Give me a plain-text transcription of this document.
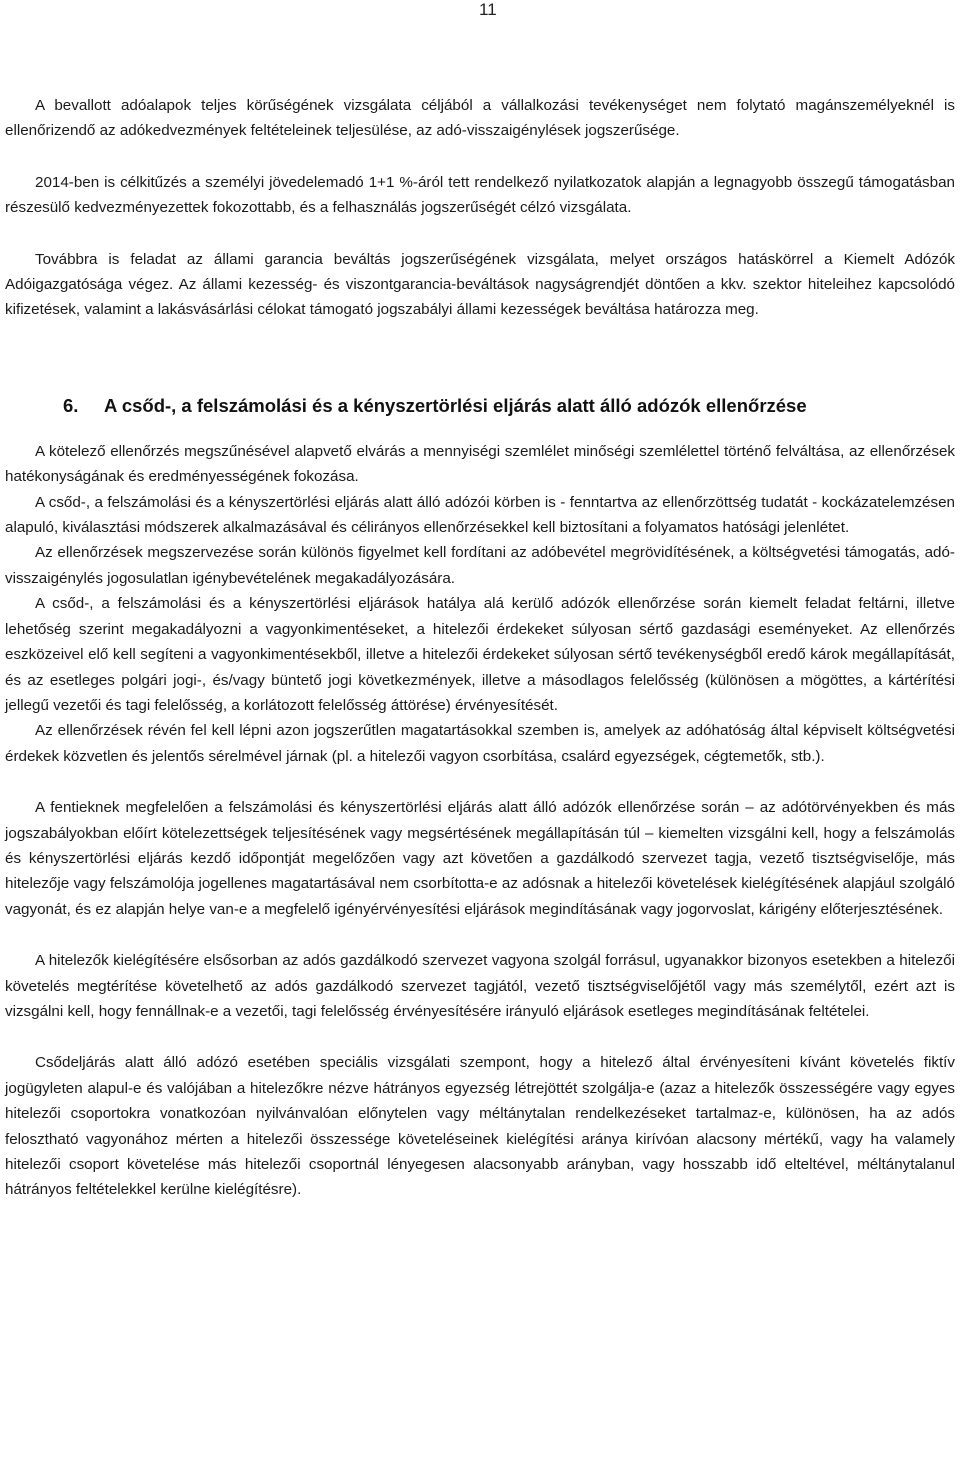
11

A bevallott adóalapok teljes körűségének vizsgálata céljából a vállalkozási tevékenységet nem folytató magánszemélyeknél is ellenőrizendő az adókedvezmények feltételeinek teljesülése, az adó-visszaigénylések jogszerűsége.

2014-ben is célkitűzés a személyi jövedelemadó 1+1 %-áról tett rendelkező nyilatkozatok alapján a legnagyobb összegű támogatásban részesülő kedvezményezettek fokozottabb, és a felhasználás jogszerűségét célzó vizsgálata.

Továbbra is feladat az állami garancia beváltás jogszerűségének vizsgálata, melyet országos hatáskörrel a Kiemelt Adózók Adóigazgatósága végez. Az állami kezesség- és viszontgarancia-beváltások nagyságrendjét döntően a kkv. szektor hiteleihez kapcsolódó kifizetések, valamint a lakásvásárlási célokat támogató jogszabályi állami kezességek beváltása határozza meg.

6. A csőd-, a felszámolási és a kényszertörlési eljárás alatt álló adózók ellenőrzése

A kötelező ellenőrzés megszűnésével alapvető elvárás a mennyiségi szemlélet minőségi szemlélettel történő felváltása, az ellenőrzések hatékonyságának és eredményességének fokozása.

A csőd-, a felszámolási és a kényszertörlési eljárás alatt álló adózói körben is - fenntartva az ellenőrzöttség tudatát - kockázatelemzésen alapuló, kiválasztási módszerek alkalmazásával és célirányos ellenőrzésekkel kell biztosítani a folyamatos hatósági jelenlétet.

Az ellenőrzések megszervezése során különös figyelmet kell fordítani az adóbevétel megrövidítésének, a költségvetési támogatás, adó-visszaigénylés jogosulatlan igénybevételének megakadályozására.

A csőd-, a felszámolási és a kényszertörlési eljárások hatálya alá kerülő adózók ellenőrzése során kiemelt feladat feltárni, illetve lehetőség szerint megakadályozni a vagyonkimentéseket, a hitelezői érdekeket súlyosan sértő gazdasági eseményeket. Az ellenőrzés eszközeivel elő kell segíteni a vagyonkimentésekből, illetve a hitelezői érdekeket súlyosan sértő tevékenységből eredő károk megállapítását, és az esetleges polgári jogi-, és/vagy büntető jogi következmények, illetve a másodlagos felelősség (különösen a mögöttes, a kártérítési jellegű vezetői és tagi felelősség, a korlátozott felelősség áttörése) érvényesítését.

Az ellenőrzések révén fel kell lépni azon jogszerűtlen magatartásokkal szemben is, amelyek az adóhatóság által képviselt költségvetési érdekek közvetlen és jelentős sérelmével járnak (pl. a hitelezői vagyon csorbítása, csalárd egyezségek, cégtemetők, stb.).

A fentieknek megfelelően a felszámolási és kényszertörlési eljárás alatt álló adózók ellenőrzése során – az adótörvényekben és más jogszabályokban előírt kötelezettségek teljesítésének vagy megsértésének megállapításán túl – kiemelten vizsgálni kell, hogy a felszámolás és kényszertörlési eljárás kezdő időpontját megelőzően vagy azt követően a gazdálkodó szervezet tagja, vezető tisztségviselője, más hitelezője vagy felszámolója jogellenes magatartásával nem csorbította-e az adósnak a hitelezői követelések kielégítésének alapjául szolgáló vagyonát, és ez alapján helye van-e a megfelelő igényérvényesítési eljárások megindításának vagy jogorvoslat, kárigény előterjesztésének.

A hitelezők kielégítésére elsősorban az adós gazdálkodó szervezet vagyona szolgál forrásul, ugyanakkor bizonyos esetekben a hitelezői követelés megtérítése követelhető az adós gazdálkodó szervezet tagjától, vezető tisztségviselőjétől vagy más személytől, ezért azt is vizsgálni kell, hogy fennállnak-e a vezetői, tagi felelősség érvényesítésére irányuló eljárások esetleges megindításának feltételei.

Csődeljárás alatt álló adózó esetében speciális vizsgálati szempont, hogy a hitelező által érvényesíteni kívánt követelés fiktív jogügyleten alapul-e és valójában a hitelezőkre nézve hátrányos egyezség létrejöttét szolgálja-e (azaz a hitelezők összességére vagy egyes hitelezői csoportokra vonatkozóan nyilvánvalóan előnytelen vagy méltánytalan rendelkezéseket tartalmaz-e, különösen, ha az adós felosztható vagyonához mérten a hitelezői összessége követeléseinek kielégítési aránya kirívóan alacsony mértékű, vagy ha valamely hitelezői csoport követelése más hitelezői csoportnál lényegesen alacsonyabb arányban, vagy hosszabb idő elteltével, méltánytalanul hátrányos feltételekkel kerülne kielégítésre).
